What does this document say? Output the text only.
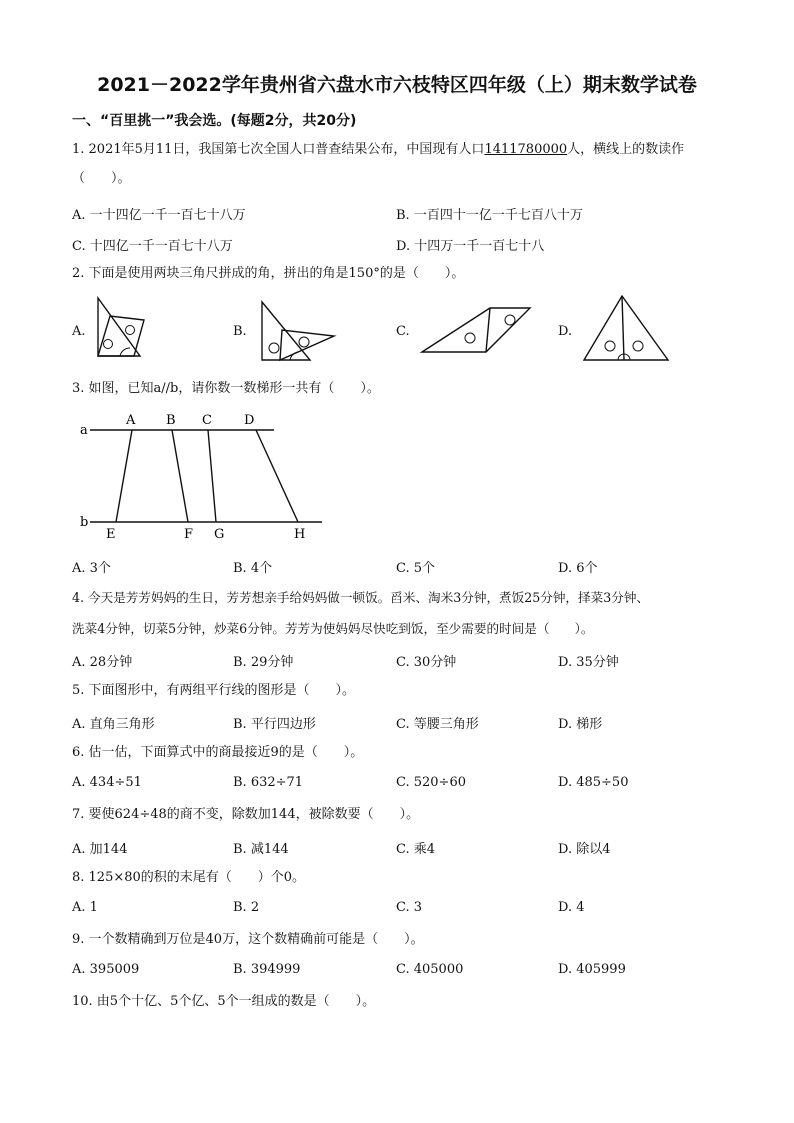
2021－2022学年贵州省六盘水市六枝特区四年级（上）期末数学试卷
一、“百里挑一”我会选。(每题2分，共20分)
1. 2021年5月11日，我国第七次全国人口普查结果公布，中国现有人口1411780000人，横线上的数读作
（　　）。
A. 一十四亿一千一百七十八万	B. 一百四十一亿一千七百八十万
C. 十四亿一千一百七十八万	D. 十四万一千一百七十八
2. 下面是使用两块三角尺拼成的角，拼出的角是150°的是（　　）。
A.	B.	C.	D.
3. 如图，已知a//b，请你数一数梯形一共有（　　）。
a
b
A B C D
E	F G	H
A. 3个	B. 4个	C. 5个	D. 6个
4. 今天是芳芳妈妈的生日，芳芳想亲手给妈妈做一顿饭。舀米、淘米3分钟，煮饭25分钟，择菜3分钟、
洗菜4分钟，切菜5分钟，炒菜6分钟。芳芳为使妈妈尽快吃到饭，至少需要的时间是（　　）。
A. 28分钟	B. 29分钟	C. 30分钟	D. 35分钟
5. 下面图形中，有两组平行线的图形是（　　）。
A. 直角三角形	B. 平行四边形	C. 等腰三角形	D. 梯形
6. 估一估，下面算式中的商最接近9的是（　　）。
A. 434÷51	B. 632÷71	C. 520÷60	D. 485÷50
7. 要使624÷48的商不变，除数加144，被除数要（　　）。
A. 加144	B. 减144	C. 乘4	D. 除以4
8. 125×80的积的末尾有（　　）个0。
A. 1	B. 2	C. 3	D. 4
9. 一个数精确到万位是40万，这个数精确前可能是（　　）。
A. 395009	B. 394999	C. 405000	D. 405999
10. 由5个十亿、5个亿、5个一组成的数是（　　）。
